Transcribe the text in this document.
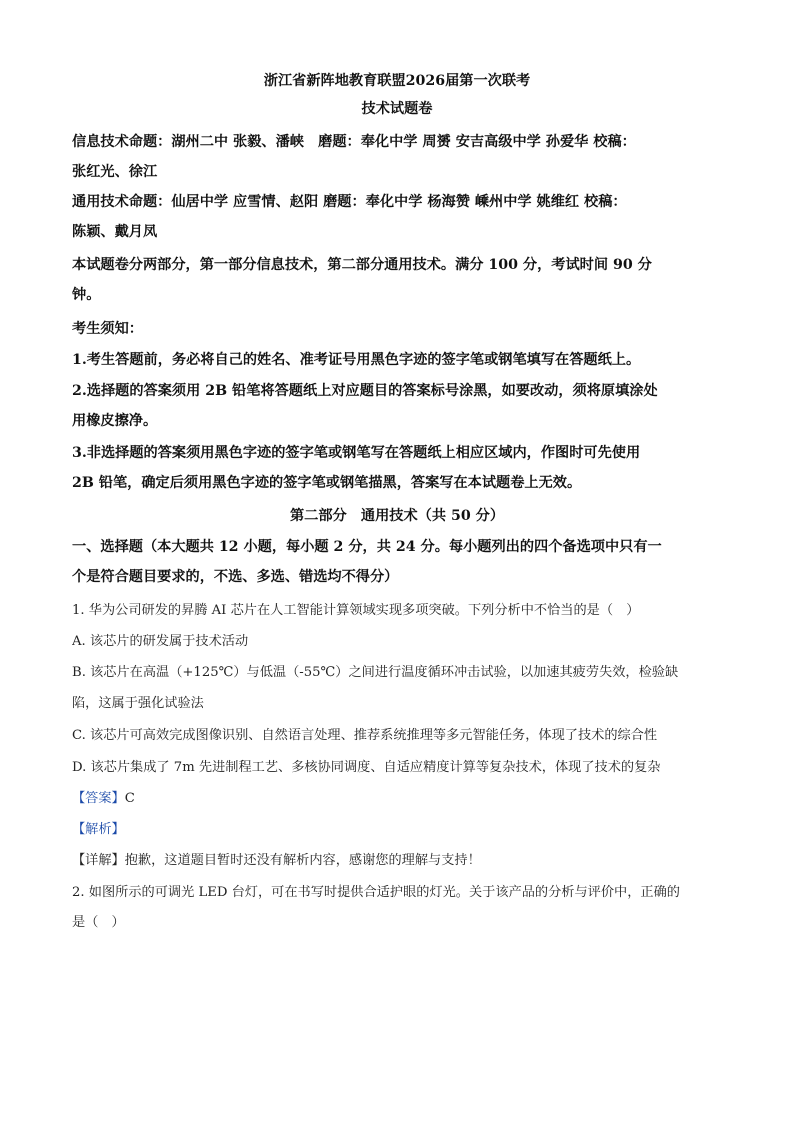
浙江省新阵地教育联盟2026届第一次联考
技术试题卷
信息技术命题：湖州二中 张毅、潘峡　磨题：奉化中学 周赟 安吉高级中学 孙爱华 校稿：
张红光、徐江
通用技术命题：仙居中学 应雪情、赵阳 磨题：奉化中学 杨海赞 嵊州中学 姚维红 校稿：
陈颖、戴月凤
本试题卷分两部分，第一部分信息技术，第二部分通用技术。满分 100 分，考试时间 90 分
钟。
考生须知：
1.考生答题前，务必将自己的姓名、准考证号用黑色字迹的签字笔或钢笔填写在答题纸上。
2.选择题的答案须用 2B 铅笔将答题纸上对应题目的答案标号涂黑，如要改动，须将原填涂处
用橡皮擦净。
3.非选择题的答案须用黑色字迹的签字笔或钢笔写在答题纸上相应区域内，作图时可先使用
2B 铅笔，确定后须用黑色字迹的签字笔或钢笔描黑，答案写在本试题卷上无效。
第二部分　通用技术（共 50 分）
一、选择题（本大题共 12 小题，每小题 2 分，共 24 分。每小题列出的四个备选项中只有一
个是符合题目要求的，不选、多选、错选均不得分）
1. 华为公司研发的昇腾 AI 芯片在人工智能计算领域实现多项突破。下列分析中不恰当的是（　）
A. 该芯片的研发属于技术活动
B. 该芯片在高温（+125℃）与低温（-55℃）之间进行温度循环冲击试验，以加速其疲劳失效，检验缺
陷，这属于强化试验法
C. 该芯片可高效完成图像识别、自然语言处理、推荐系统推理等多元智能任务，体现了技术的综合性
D. 该芯片集成了 7m 先进制程工艺、多核协同调度、自适应精度计算等复杂技术，体现了技术的复杂
【答案】C
【解析】
【详解】抱歉，这道题目暂时还没有解析内容，感谢您的理解与支持！
2. 如图所示的可调光 LED 台灯，可在书写时提供合适护眼的灯光。关于该产品的分析与评价中，正确的
是（　）
